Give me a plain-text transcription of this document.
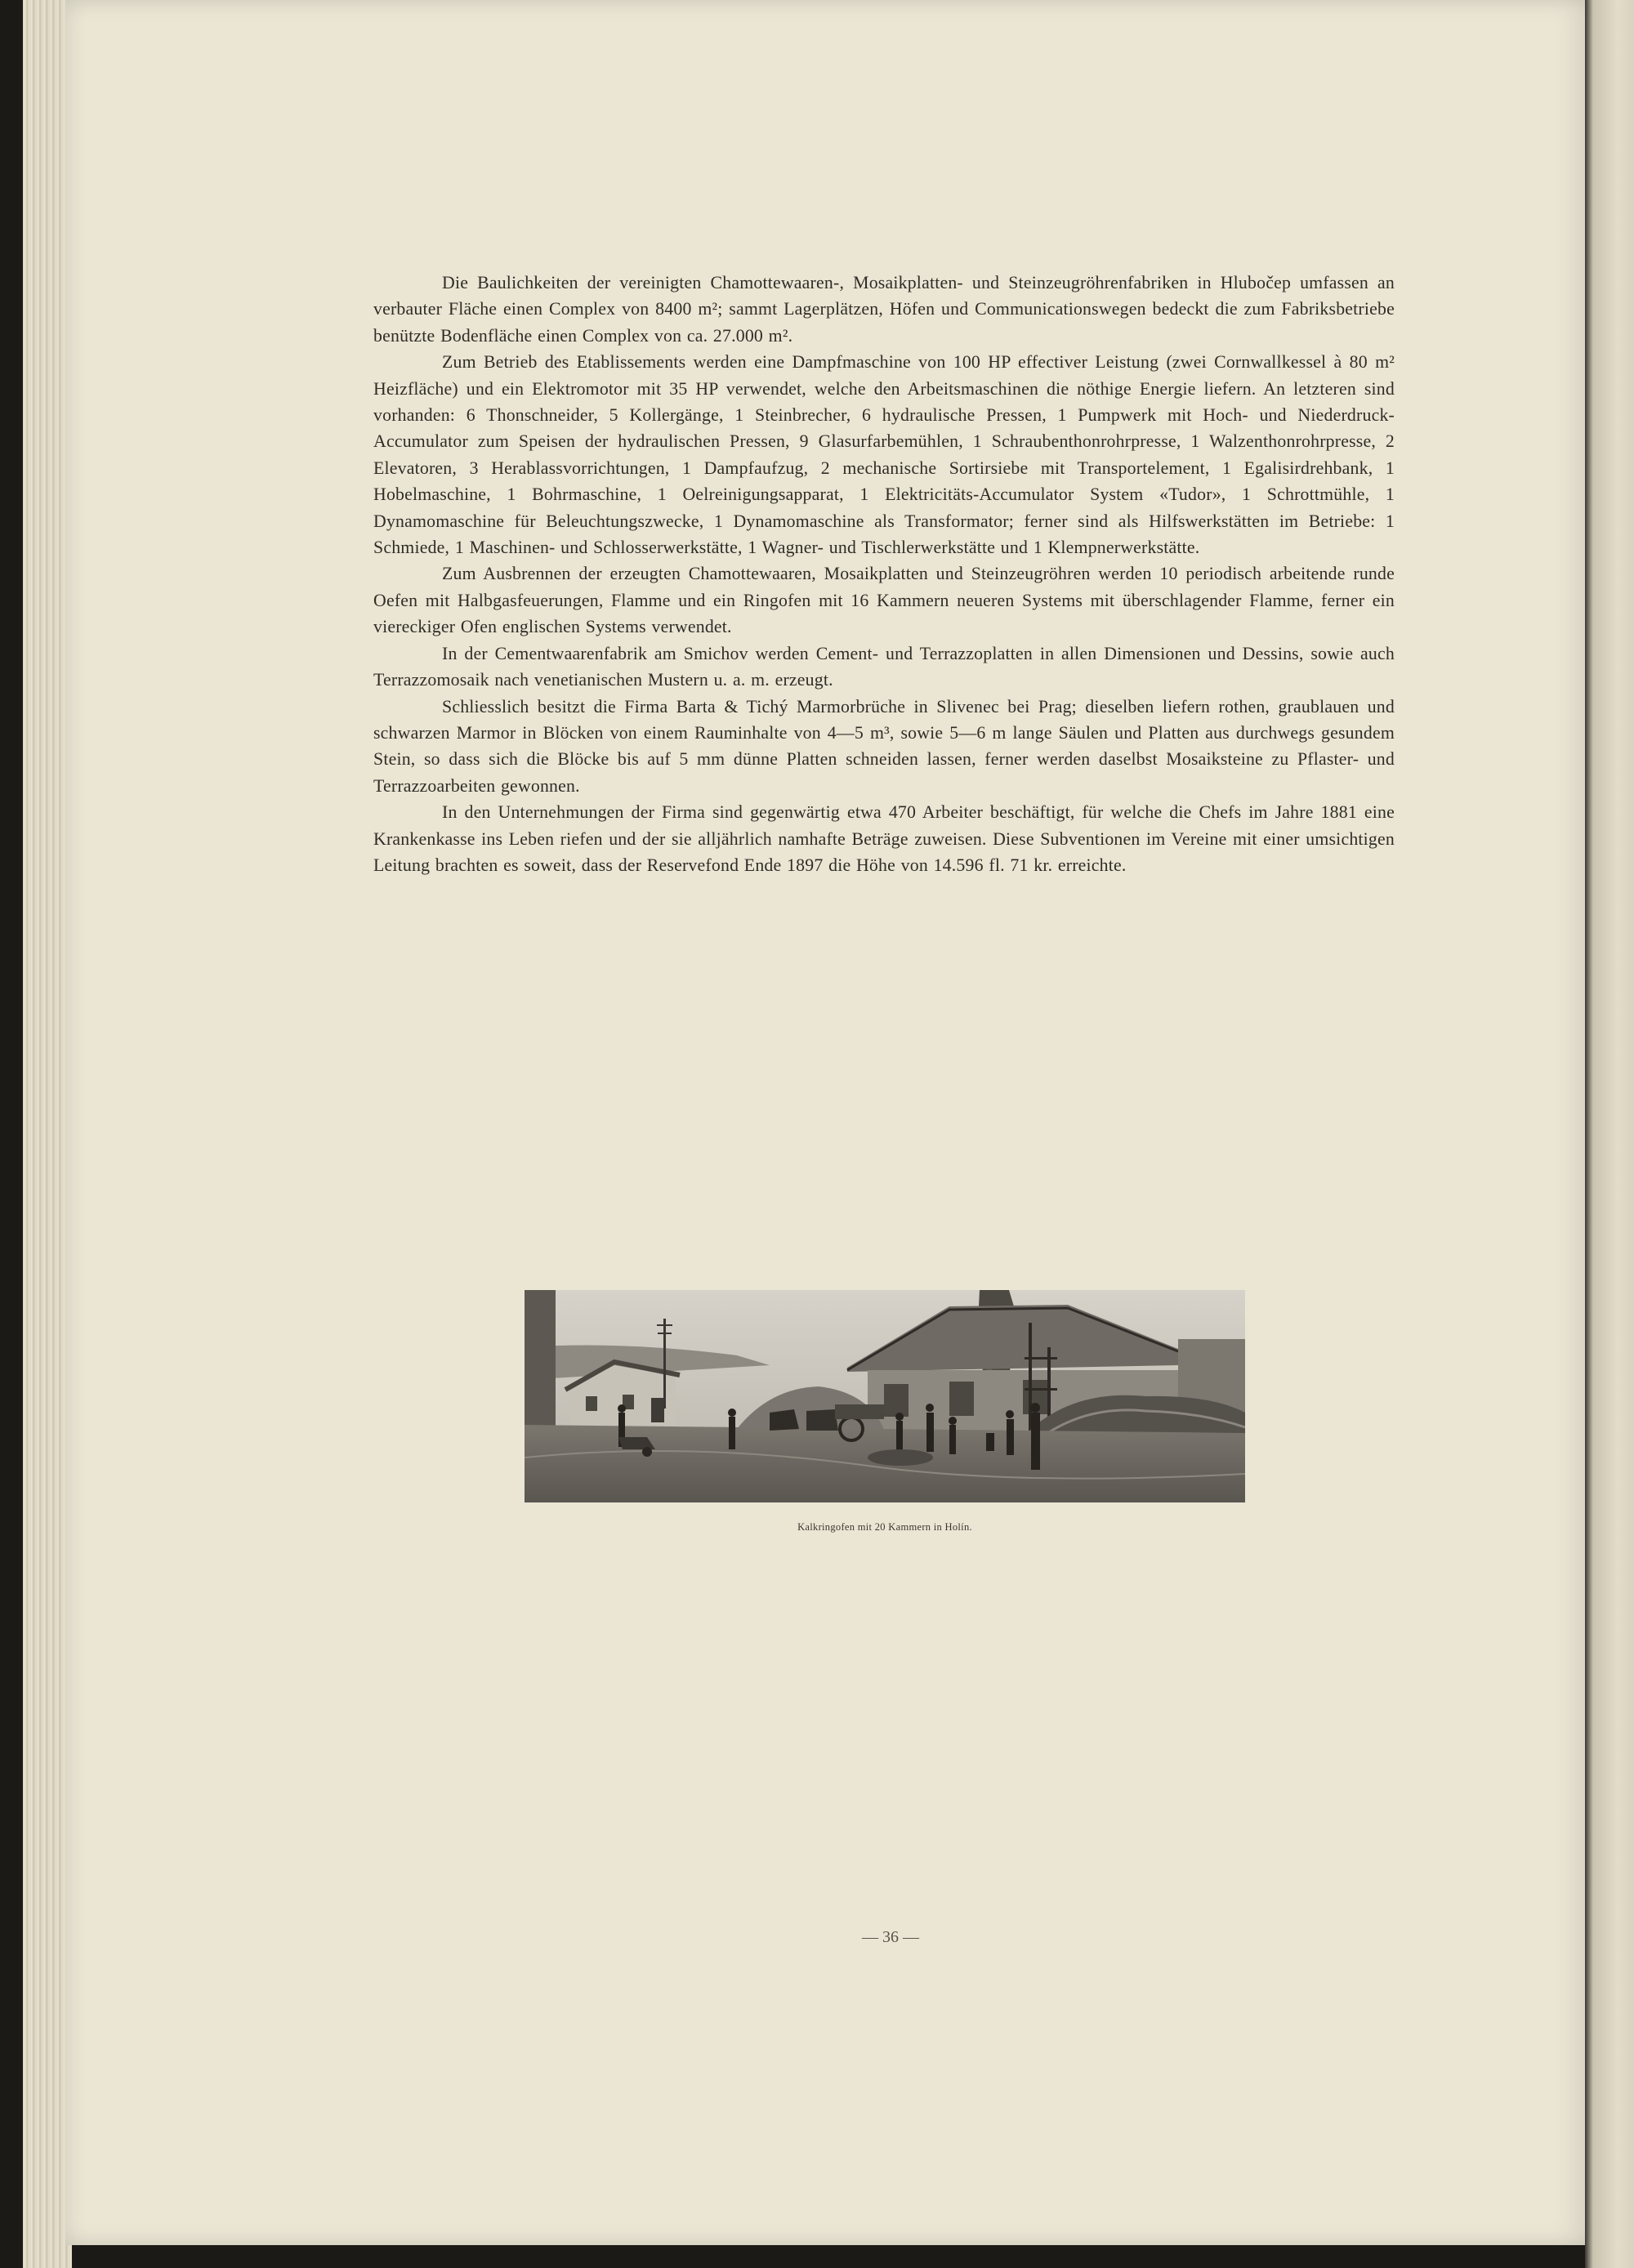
Die Baulichkeiten der vereinigten Chamottewaaren-, Mosaikplatten- und Steinzeugröhrenfabriken in Hlubočep umfassen an verbauter Fläche einen Complex von 8400 m²; sammt Lagerplätzen, Höfen und Communicationswegen bedeckt die zum Fabriksbetriebe benützte Bodenfläche einen Complex von ca. 27.000 m².

Zum Betrieb des Etablissements werden eine Dampfmaschine von 100 HP effectiver Leistung (zwei Cornwallkessel à 80 m² Heizfläche) und ein Elektromotor mit 35 HP verwendet, welche den Arbeitsmaschinen die nöthige Energie liefern. An letzteren sind vorhanden: 6 Thonschneider, 5 Kollergänge, 1 Steinbrecher, 6 hydraulische Pressen, 1 Pumpwerk mit Hoch- und Niederdruck-Accumulator zum Speisen der hydraulischen Pressen, 9 Glasurfarbemühlen, 1 Schraubenthonrohrpresse, 1 Walzenthonrohrpresse, 2 Elevatoren, 3 Herablassvorrichtungen, 1 Dampfaufzug, 2 mechanische Sortirsiebe mit Transportelement, 1 Egalisirdrehbank, 1 Hobelmaschine, 1 Bohrmaschine, 1 Oelreinigungsapparat, 1 Elektricitäts-Accumulator System «Tudor», 1 Schrottmühle, 1 Dynamomaschine für Beleuchtungszwecke, 1 Dynamomaschine als Transformator; ferner sind als Hilfswerkstätten im Betriebe: 1 Schmiede, 1 Maschinen- und Schlosserwerkstätte, 1 Wagner- und Tischlerwerkstätte und 1 Klempnerwerkstätte.

Zum Ausbrennen der erzeugten Chamottewaaren, Mosaikplatten und Steinzeugröhren werden 10 periodisch arbeitende runde Oefen mit Halbgasfeuerungen, Flamme und ein Ringofen mit 16 Kammern neueren Systems mit überschlagender Flamme, ferner ein viereckiger Ofen englischen Systems verwendet.

In der Cementwaarenfabrik am Smichov werden Cement- und Terrazzoplatten in allen Dimensionen und Dessins, sowie auch Terrazzomosaik nach venetianischen Mustern u. a. m. erzeugt.

Schliesslich besitzt die Firma Barta & Tichý Marmorbrüche in Slivenec bei Prag; dieselben liefern rothen, graublauen und schwarzen Marmor in Blöcken von einem Rauminhalte von 4—5 m³, sowie 5—6 m lange Säulen und Platten aus durchwegs gesundem Stein, so dass sich die Blöcke bis auf 5 mm dünne Platten schneiden lassen, ferner werden daselbst Mosaiksteine zu Pflaster- und Terrazzoarbeiten gewonnen.

In den Unternehmungen der Firma sind gegenwärtig etwa 470 Arbeiter beschäftigt, für welche die Chefs im Jahre 1881 eine Krankenkasse ins Leben riefen und der sie alljährlich namhafte Beträge zuweisen. Diese Subventionen im Vereine mit einer umsichtigen Leitung brachten es soweit, dass der Reservefond Ende 1897 die Höhe von 14.596 fl. 71 kr. erreichte.

Kalkringofen mit 20 Kammern in Holín.
— 36 —
